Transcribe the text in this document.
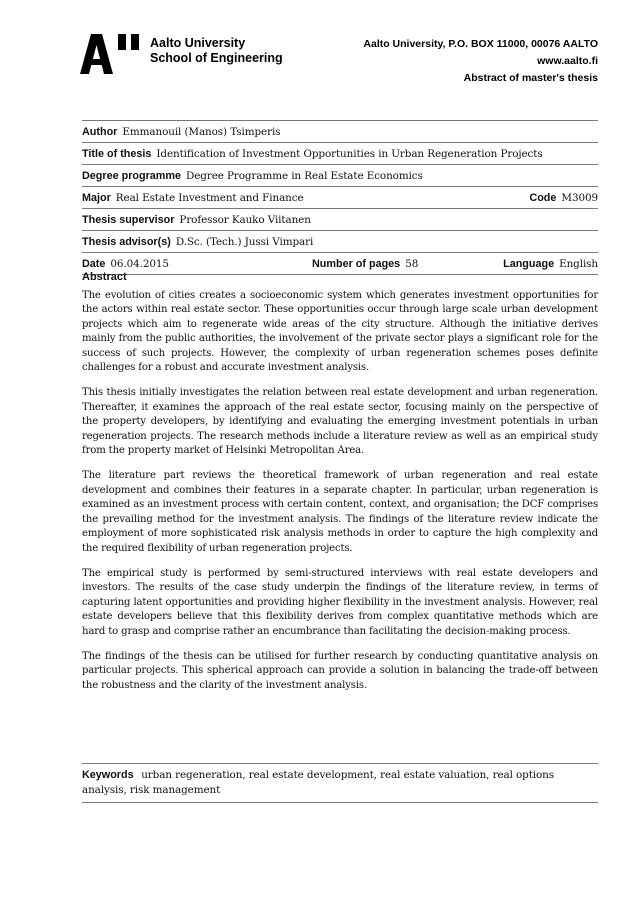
Aalto University
School of Engineering
Aalto University, P.O. BOX 11000, 00076 AALTO
www.aalto.fi
Abstract of master's thesis
Author Emmanouil (Manos) Tsimperis
Title of thesis Identification of Investment Opportunities in Urban Regeneration Projects
Degree programme Degree Programme in Real Estate Economics
Major Real Estate Investment and Finance	Code M3009
Thesis supervisor Professor Kauko Viitanen
Thesis advisor(s) D.Sc. (Tech.) Jussi Vimpari
Date 06.04.2015	Number of pages 58	Language English
Abstract

The evolution of cities creates a socioeconomic system which generates investment opportunities for the actors within real estate sector. These opportunities occur through large scale urban development projects which aim to regenerate wide areas of the city structure. Although the initiative derives mainly from the public authorities, the involvement of the private sector plays a significant role for the success of such projects. However, the complexity of urban regeneration schemes poses definite challenges for a robust and accurate investment analysis.

This thesis initially investigates the relation between real estate development and urban regeneration. Thereafter, it examines the approach of the real estate sector, focusing mainly on the perspective of the property developers, by identifying and evaluating the emerging investment potentials in urban regeneration projects. The research methods include a literature review as well as an empirical study from the property market of Helsinki Metropolitan Area.

The literature part reviews the theoretical framework of urban regeneration and real estate development and combines their features in a separate chapter. In particular, urban regeneration is examined as an investment process with certain content, context, and organisation; the DCF comprises the prevailing method for the investment analysis. The findings of the literature review indicate the employment of more sophisticated risk analysis methods in order to capture the high complexity and the required flexibility of urban regeneration projects.

The empirical study is performed by semi-structured interviews with real estate developers and investors. The results of the case study underpin the findings of the literature review, in terms of capturing latent opportunities and providing higher flexibility in the investment analysis. However, real estate developers believe that this flexibility derives from complex quantitative methods which are hard to grasp and comprise rather an encumbrance than facilitating the decision-making process.

The findings of the thesis can be utilised for further research by conducting quantitative analysis on particular projects. This spherical approach can provide a solution in balancing the trade-off between the robustness and the clarity of the investment analysis.

Keywords urban regeneration, real estate development, real estate valuation, real options analysis, risk management
